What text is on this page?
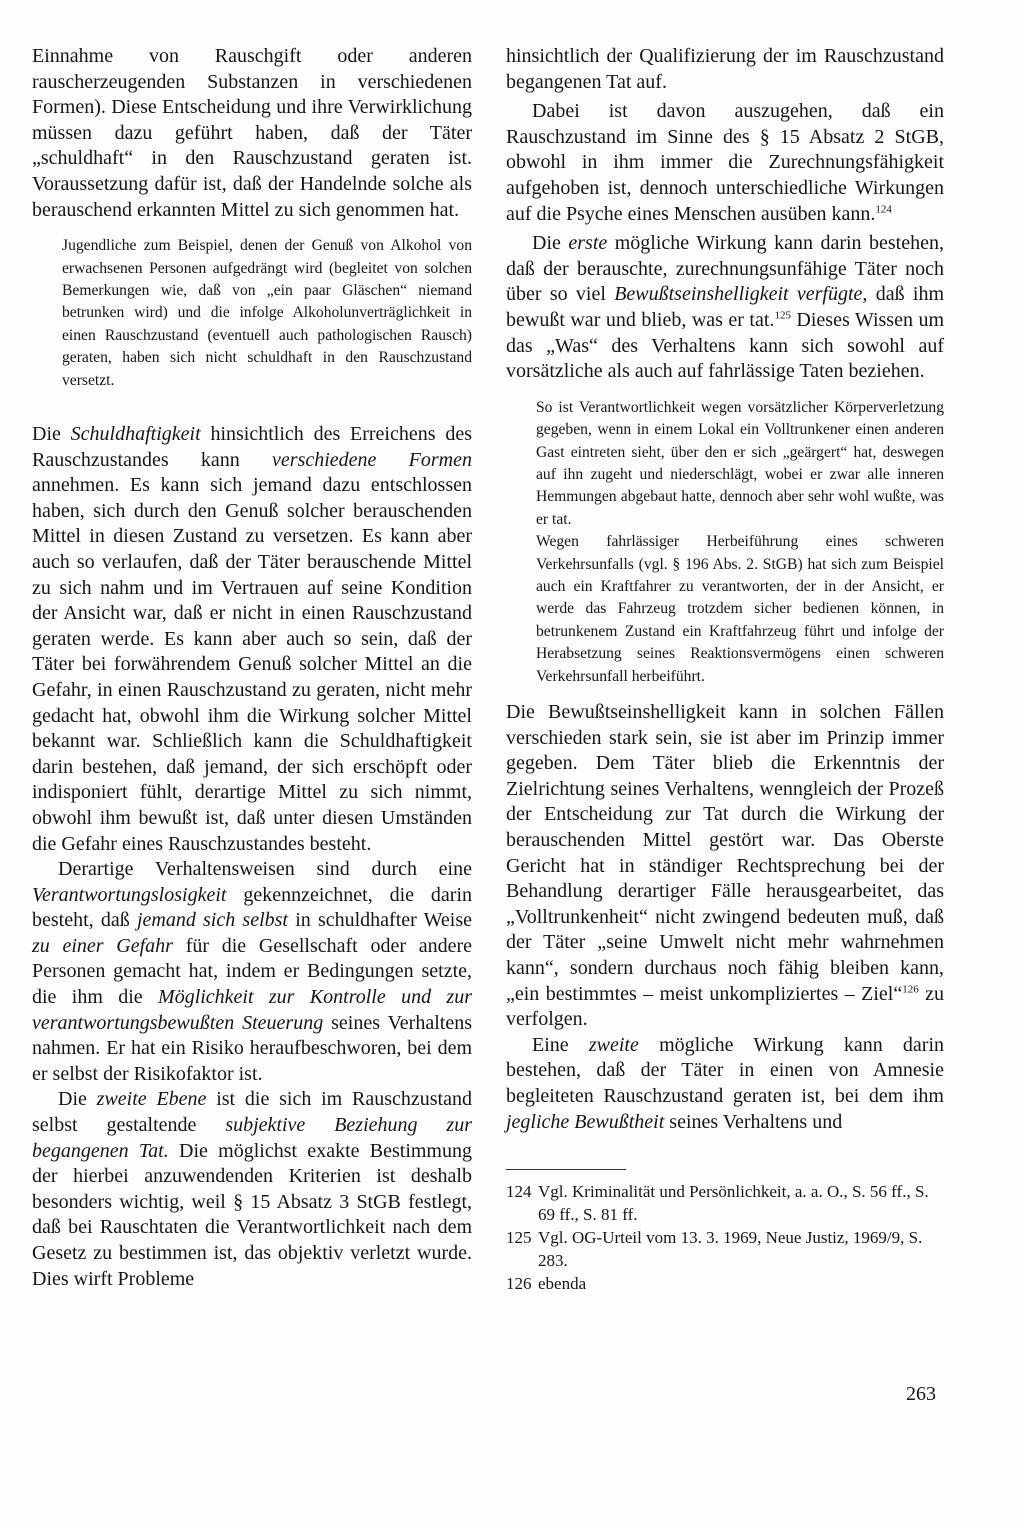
Einnahme von Rauschgift oder anderen rauscherzeugenden Substanzen in verschiedenen Formen). Diese Entscheidung und ihre Verwirklichung müssen dazu geführt haben, daß der Täter „schuldhaft“ in den Rauschzustand geraten ist. Voraussetzung dafür ist, daß der Handelnde solche als berauschend erkannten Mittel zu sich genommen hat.

Jugendliche zum Beispiel, denen der Genuß von Alkohol von erwachsenen Personen aufgedrängt wird (begleitet von solchen Bemerkungen wie, daß von „ein paar Gläschen“ niemand betrunken wird) und die infolge Alkoholunverträglichkeit in einen Rauschzustand (eventuell auch pathologischen Rausch) geraten, haben sich nicht schuldhaft in den Rauschzustand versetzt.

Die Schuldhaftigkeit hinsichtlich des Erreichens des Rauschzustandes kann verschiedene Formen annehmen. Es kann sich jemand dazu entschlossen haben, sich durch den Genuß solcher berauschenden Mittel in diesen Zustand zu versetzen. Es kann aber auch so verlaufen, daß der Täter berauschende Mittel zu sich nahm und im Vertrauen auf seine Kondition der Ansicht war, daß er nicht in einen Rauschzustand geraten werde. Es kann aber auch so sein, daß der Täter bei forwährendem Genuß solcher Mittel an die Gefahr, in einen Rauschzustand zu geraten, nicht mehr gedacht hat, obwohl ihm die Wirkung solcher Mittel bekannt war. Schließlich kann die Schuldhaftigkeit darin bestehen, daß jemand, der sich erschöpft oder indisponiert fühlt, derartige Mittel zu sich nimmt, obwohl ihm bewußt ist, daß unter diesen Umständen die Gefahr eines Rauschzustandes besteht.

Derartige Verhaltensweisen sind durch eine Verantwortungslosigkeit gekennzeichnet, die darin besteht, daß jemand sich selbst in schuldhafter Weise zu einer Gefahr für die Gesellschaft oder andere Personen gemacht hat, indem er Bedingungen setzte, die ihm die Möglichkeit zur Kontrolle und zur verantwortungsbewußten Steuerung seines Verhaltens nahmen. Er hat ein Risiko heraufbeschworen, bei dem er selbst der Risikofaktor ist.

Die zweite Ebene ist die sich im Rauschzustand selbst gestaltende subjektive Beziehung zur begangenen Tat. Die möglichst exakte Bestimmung der hierbei anzuwendenden Kriterien ist deshalb besonders wichtig, weil § 15 Absatz 3 StGB festlegt, daß bei Rauschtaten die Verantwortlichkeit nach dem Gesetz zu bestimmen ist, das objektiv verletzt wurde. Dies wirft Probleme

hinsichtlich der Qualifizierung der im Rauschzustand begangenen Tat auf.

Dabei ist davon auszugehen, daß ein Rauschzustand im Sinne des § 15 Absatz 2 StGB, obwohl in ihm immer die Zurechnungsfähigkeit aufgehoben ist, dennoch unterschiedliche Wirkungen auf die Psyche eines Menschen ausüben kann.$^{124}$

Die erste mögliche Wirkung kann darin bestehen, daß der berauschte, zurechnungsunfähige Täter noch über so viel Bewußtseinshelligkeit verfügte, daß ihm bewußt war und blieb, was er tat.$^{125}$ Dieses Wissen um das „Was“ des Verhaltens kann sich sowohl auf vorsätzliche als auch auf fahrlässige Taten beziehen.

So ist Verantwortlichkeit wegen vorsätzlicher Körperverletzung gegeben, wenn in einem Lokal ein Volltrunkener einen anderen Gast eintreten sieht, über den er sich „geärgert“ hat, deswegen auf ihn zugeht und niederschlägt, wobei er zwar alle inneren Hemmungen abgebaut hatte, dennoch aber sehr wohl wußte, was er tat.

Wegen fahrlässiger Herbeiführung eines schweren Verkehrsunfalls (vgl. § 196 Abs. 2. StGB) hat sich zum Beispiel auch ein Kraftfahrer zu verantworten, der in der Ansicht, er werde das Fahrzeug trotzdem sicher bedienen können, in betrunkenem Zustand ein Kraftfahrzeug führt und infolge der Herabsetzung seines Reaktionsvermögens einen schweren Verkehrsunfall herbeiführt.

Die Bewußtseinshelligkeit kann in solchen Fällen verschieden stark sein, sie ist aber im Prinzip immer gegeben. Dem Täter blieb die Erkenntnis der Zielrichtung seines Verhaltens, wenngleich der Prozeß der Entscheidung zur Tat durch die Wirkung der berauschenden Mittel gestört war. Das Oberste Gericht hat in ständiger Rechtsprechung bei der Behandlung derartiger Fälle herausgearbeitet, das „Volltrunkenheit“ nicht zwingend bedeuten muß, daß der Täter „seine Umwelt nicht mehr wahrnehmen kann“, sondern durchaus noch fähig bleiben kann, „ein bestimmtes – meist unkompliziertes – Ziel“$^{126}$ zu verfolgen.

Eine zweite mögliche Wirkung kann darin bestehen, daß der Täter in einen von Amnesie begleiteten Rauschzustand geraten ist, bei dem ihm jegliche Bewußtheit seines Verhaltens und

124 Vgl. Kriminalität und Persönlichkeit, a. a. O., S. 56 ff., S. 69 ff., S. 81 ff.
125 Vgl. OG-Urteil vom 13. 3. 1969, Neue Justiz, 1969/9, S. 283.
126 ebenda
263
